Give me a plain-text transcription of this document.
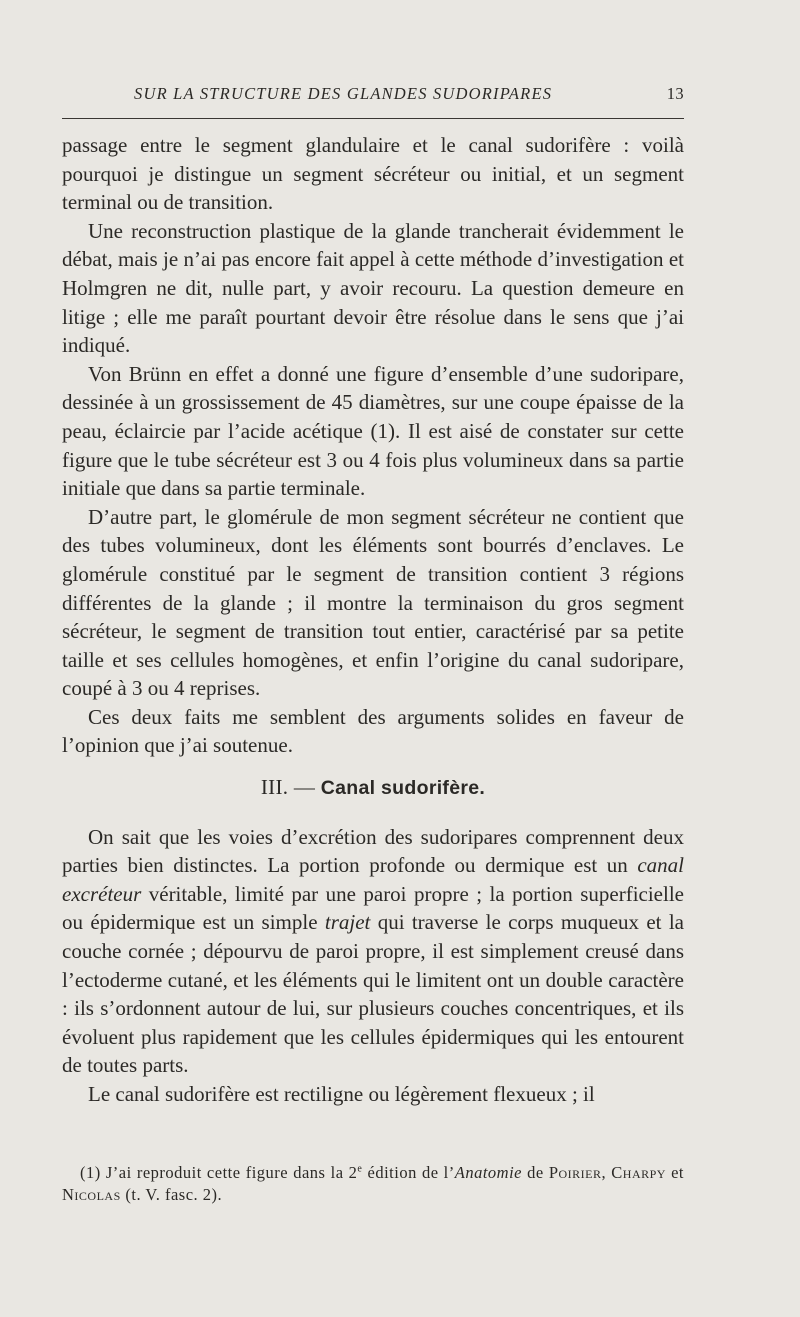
SUR LA STRUCTURE DES GLANDES SUDORIPARES	13

passage entre le segment glandulaire et le canal sudorifère : voilà pourquoi je distingue un segment sécréteur ou initial, et un segment terminal ou de transition.

Une reconstruction plastique de la glande trancherait évidemment le débat, mais je n’ai pas encore fait appel à cette méthode d’investigation et Holmgren ne dit, nulle part, y avoir recouru. La question demeure en litige ; elle me paraît pourtant devoir être résolue dans le sens que j’ai indiqué.

Von Brünn en effet a donné une figure d’ensemble d’une sudoripare, dessinée à un grossissement de 45 diamètres, sur une coupe épaisse de la peau, éclaircie par l’acide acétique (1). Il est aisé de constater sur cette figure que le tube sécréteur est 3 ou 4 fois plus volumineux dans sa partie initiale que dans sa partie terminale.

D’autre part, le glomérule de mon segment sécréteur ne contient que des tubes volumineux, dont les éléments sont bourrés d’enclaves. Le glomérule constitué par le segment de transition contient 3 régions différentes de la glande ; il montre la terminaison du gros segment sécréteur, le segment de transition tout entier, caractérisé par sa petite taille et ses cellules homogènes, et enfin l’origine du canal sudoripare, coupé à 3 ou 4 reprises.

Ces deux faits me semblent des arguments solides en faveur de l’opinion que j’ai soutenue.

III. — Canal sudorifère.

On sait que les voies d’excrétion des sudoripares comprennent deux parties bien distinctes. La portion profonde ou dermique est un canal excréteur véritable, limité par une paroi propre ; la portion superficielle ou épidermique est un simple trajet qui traverse le corps muqueux et la couche cornée ; dépourvu de paroi propre, il est simplement creusé dans l’ectoderme cutané, et les éléments qui le limitent ont un double caractère : ils s’ordonnent autour de lui, sur plusieurs couches concentriques, et ils évoluent plus rapidement que les cellules épidermiques qui les entourent de toutes parts.

Le canal sudorifère est rectiligne ou légèrement flexueux ; il

(1) J’ai reproduit cette figure dans la 2e édition de l’Anatomie de Poirier, Charpy et Nicolas (t. V. fasc. 2).
